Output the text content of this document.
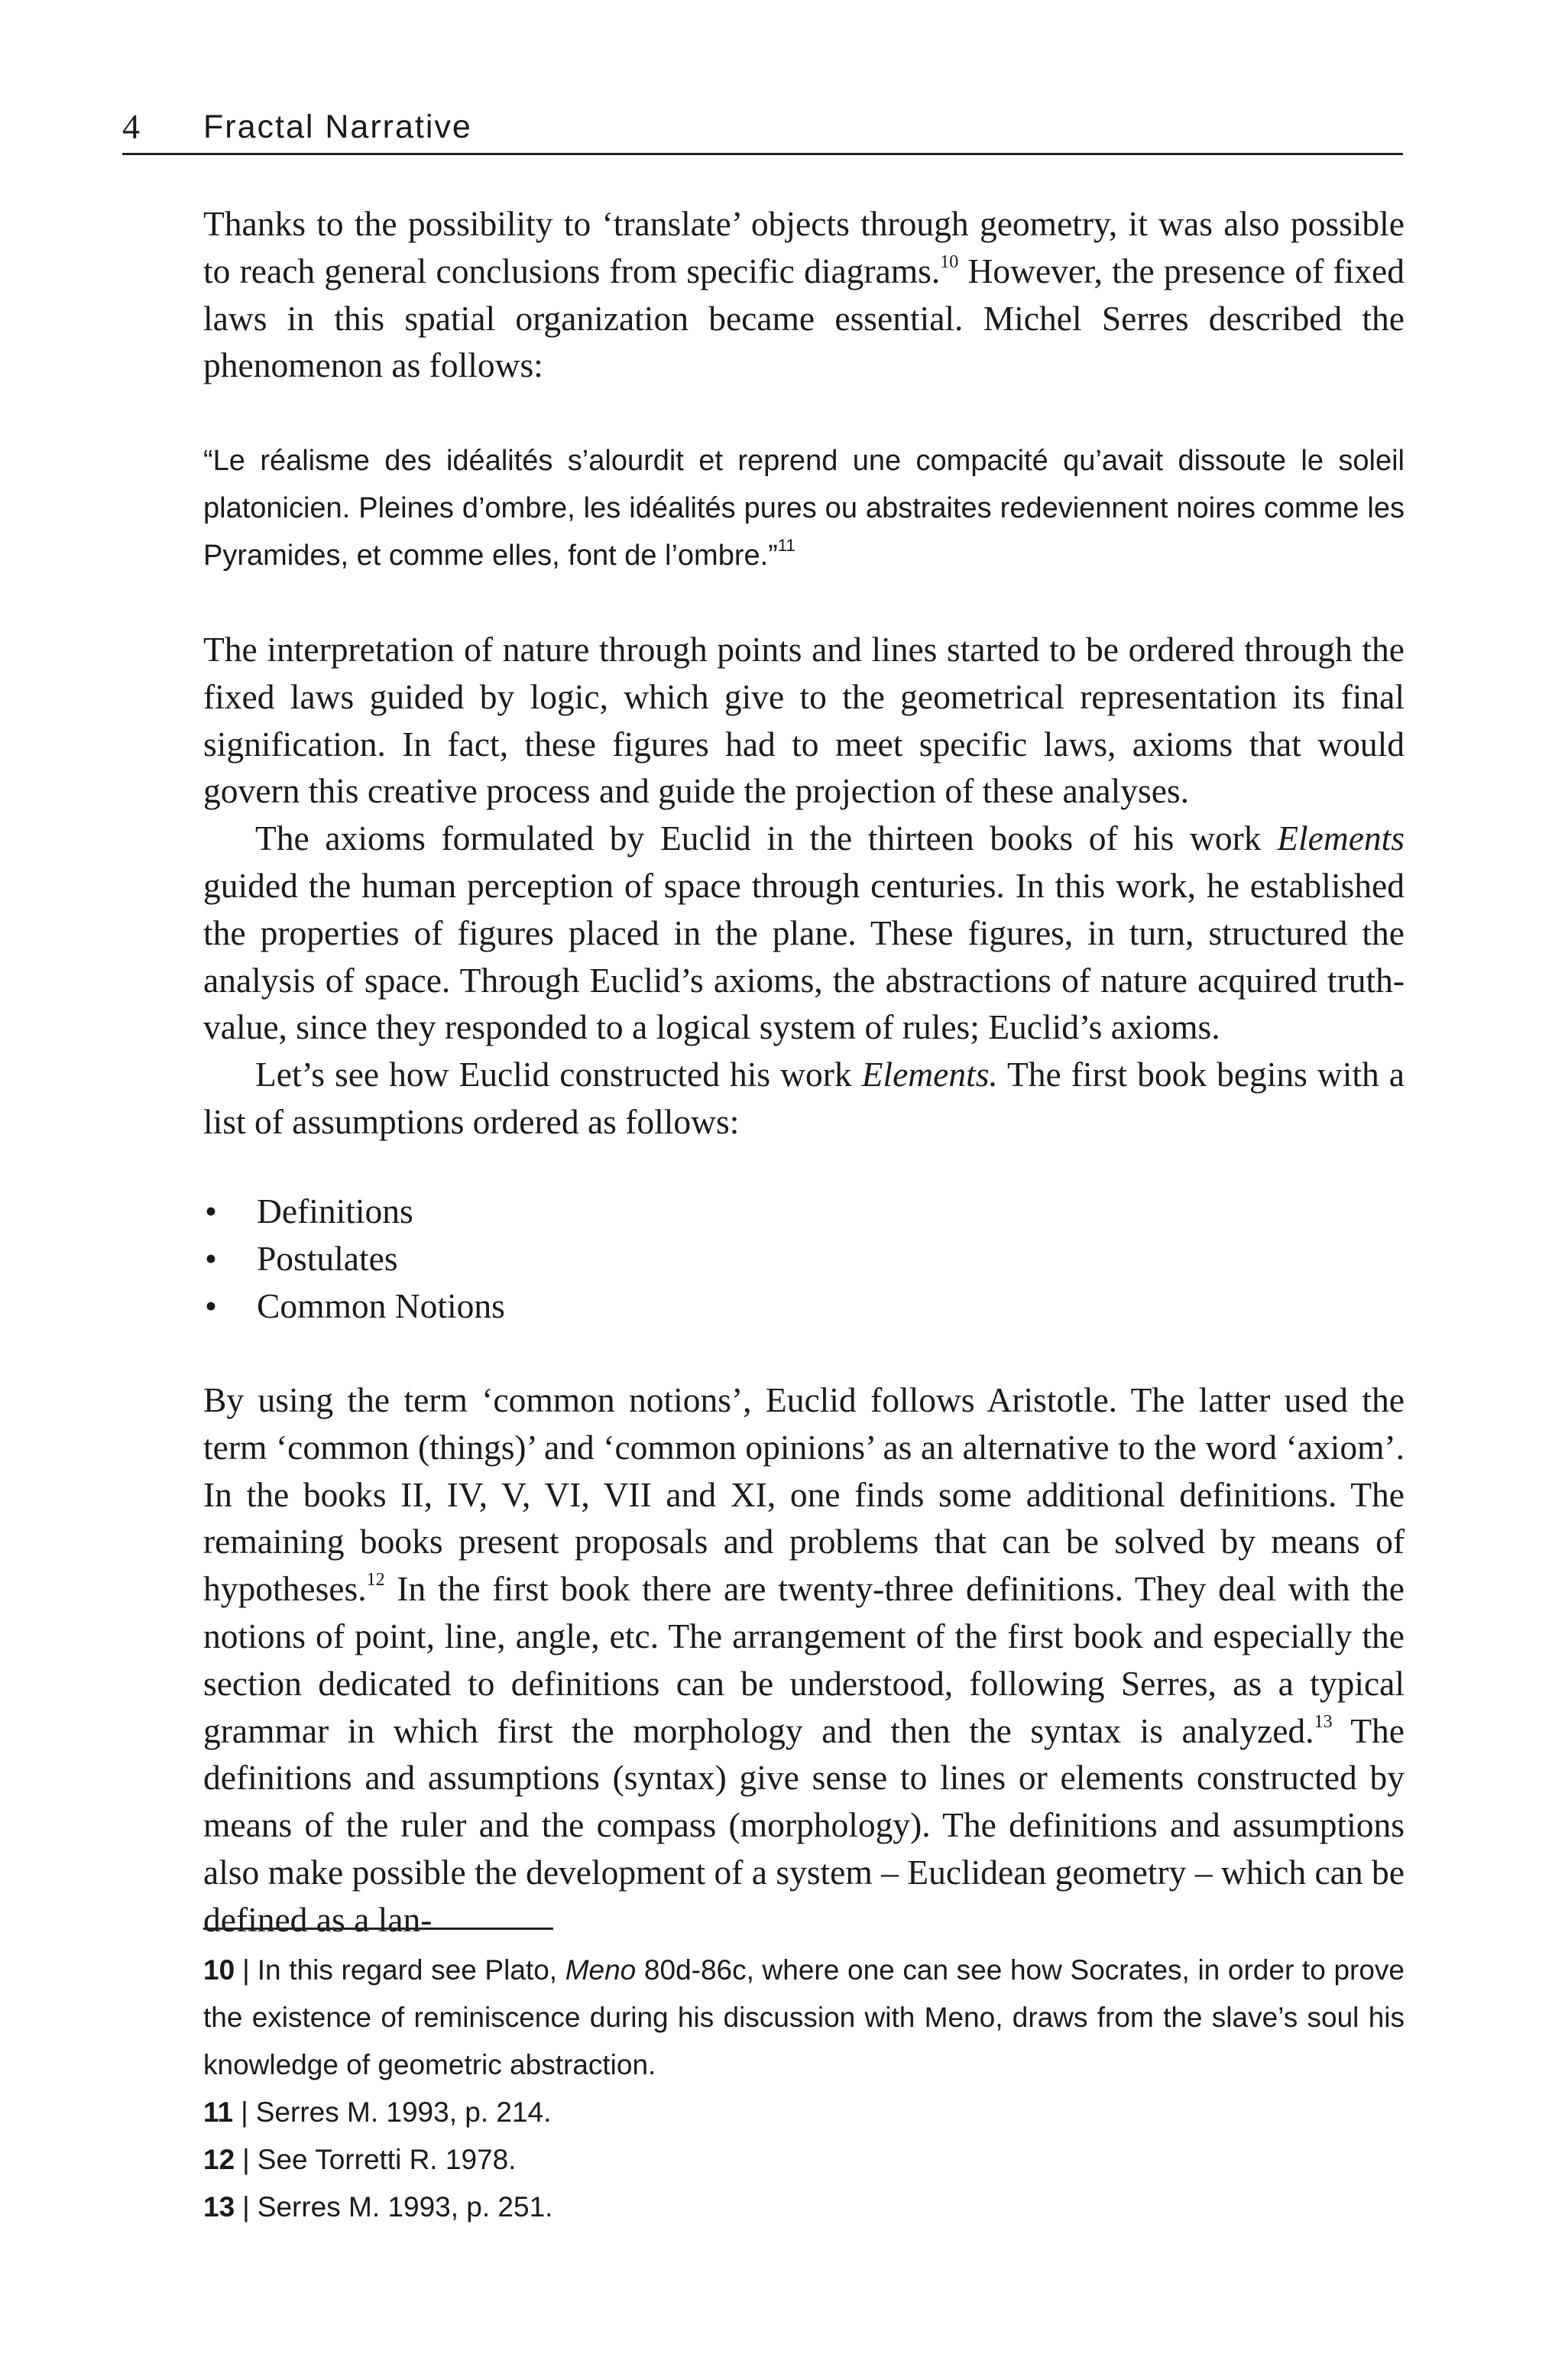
4 Fractal Narrative

Thanks to the possibility to ‘translate’ objects through geometry, it was also possible to reach general conclusions from specific diagrams.$^{10}$ However, the presence of fixed laws in this spatial organization became essential. Michel Serres described the phenomenon as follows:

“Le réalisme des idéalités s’alourdit et reprend une compacité qu’avait dissoute le soleil platonicien. Pleines d’ombre, les idéalités pures ou abstraites redeviennent noires comme les Pyramides, et comme elles, font de l’ombre.”$^{11}$

The interpretation of nature through points and lines started to be ordered through the fixed laws guided by logic, which give to the geometrical representation its final signification. In fact, these figures had to meet specific laws, axioms that would govern this creative process and guide the projection of these analyses.

The axioms formulated by Euclid in the thirteen books of his work Elements guided the human perception of space through centuries. In this work, he established the properties of figures placed in the plane. These figures, in turn, structured the analysis of space. Through Euclid’s axioms, the abstractions of nature acquired truth-value, since they responded to a logical system of rules; Euclid’s axioms.

Let’s see how Euclid constructed his work Elements. The first book begins with a list of assumptions ordered as follows:

• Definitions
• Postulates
• Common Notions

By using the term ‘common notions’, Euclid follows Aristotle. The latter used the term ‘common (things)’ and ‘common opinions’ as an alternative to the word ‘axiom’. In the books II, IV, V, VI, VII and XI, one finds some additional definitions. The remaining books present proposals and problems that can be solved by means of hypotheses.$^{12}$ In the first book there are twenty-three definitions. They deal with the notions of point, line, angle, etc. The arrangement of the first book and especially the section dedicated to definitions can be understood, following Serres, as a typical grammar in which first the morphology and then the syntax is analyzed.$^{13}$ The definitions and assumptions (syntax) give sense to lines or elements constructed by means of the ruler and the compass (morphology). The definitions and assumptions also make possible the development of a system – Euclidean geometry – which can be defined as a lan-

10 | In this regard see Plato, Meno 80d-86c, where one can see how Socrates, in order to prove the existence of reminiscence during his discussion with Meno, draws from the slave’s soul his knowledge of geometric abstraction.

11 | Serres M. 1993, p. 214.

12 | See Torretti R. 1978.

13 | Serres M. 1993, p. 251.
